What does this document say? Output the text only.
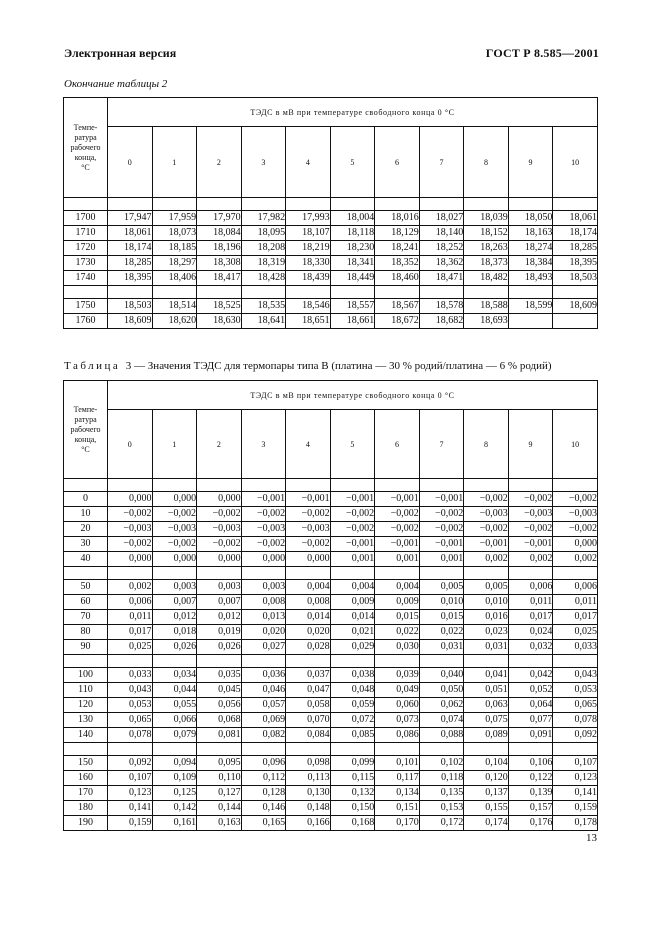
Электронная версия	ГОСТ Р 8.585—2001
Окончание таблицы 2
Темпе-
ратура
рабочего
конца,
°С	ТЭДС в мВ при температуре свободного конца 0 °С										
	0	1	2	3	4	5	6	7	8	9	10

1700	17,947	17,959	17,970	17,982	17,993	18,004	18,016	18,027	18,039	18,050	18,061
1710	18,061	18,073	18,084	18,095	18,107	18,118	18,129	18,140	18,152	18,163	18,174
1720	18,174	18,185	18,196	18,208	18,219	18,230	18,241	18,252	18,263	18,274	18,285
1730	18,285	18,297	18,308	18,319	18,330	18,341	18,352	18,362	18,373	18,384	18,395
1740	18,395	18,406	18,417	18,428	18,439	18,449	18,460	18,471	18,482	18,493	18,503

1750	18,503	18,514	18,525	18,535	18,546	18,557	18,567	18,578	18,588	18,599	18,609
1760	18,609	18,620	18,630	18,641	18,651	18,661	18,672	18,682	18,693		
Таблица 3 — Значения ТЭДС для термопары типа В (платина — 30 % родий/платина — 6 % родий)
Темпе-
ратура
рабочего
конца,
°С	ТЭДС в мВ при температуре свободного конца 0 °С										
	0	1	2	3	4	5	6	7	8	9	10

0	0,000	0,000	0,000	−0,001	−0,001	−0,001	−0,001	−0,001	−0,002	−0,002	−0,002
10	−0,002	−0,002	−0,002	−0,002	−0,002	−0,002	−0,002	−0,002	−0,003	−0,003	−0,003
20	−0,003	−0,003	−0,003	−0,003	−0,003	−0,002	−0,002	−0,002	−0,002	−0,002	−0,002
30	−0,002	−0,002	−0,002	−0,002	−0,002	−0,001	−0,001	−0,001	−0,001	−0,001	0,000
40	0,000	0,000	0,000	0,000	0,000	0,001	0,001	0,001	0,002	0,002	0,002

50	0,002	0,003	0,003	0,003	0,004	0,004	0,004	0,005	0,005	0,006	0,006
60	0,006	0,007	0,007	0,008	0,008	0,009	0,009	0,010	0,010	0,011	0,011
70	0,011	0,012	0,012	0,013	0,014	0,014	0,015	0,015	0,016	0,017	0,017
80	0,017	0,018	0,019	0,020	0,020	0,021	0,022	0,022	0,023	0,024	0,025
90	0,025	0,026	0,026	0,027	0,028	0,029	0,030	0,031	0,031	0,032	0,033

100	0,033	0,034	0,035	0,036	0,037	0,038	0,039	0,040	0,041	0,042	0,043
110	0,043	0,044	0,045	0,046	0,047	0,048	0,049	0,050	0,051	0,052	0,053
120	0,053	0,055	0,056	0,057	0,058	0,059	0,060	0,062	0,063	0,064	0,065
130	0,065	0,066	0,068	0,069	0,070	0,072	0,073	0,074	0,075	0,077	0,078
140	0,078	0,079	0,081	0,082	0,084	0,085	0,086	0,088	0,089	0,091	0,092

150	0,092	0,094	0,095	0,096	0,098	0,099	0,101	0,102	0,104	0,106	0,107
160	0,107	0,109	0,110	0,112	0,113	0,115	0,117	0,118	0,120	0,122	0,123
170	0,123	0,125	0,127	0,128	0,130	0,132	0,134	0,135	0,137	0,139	0,141
180	0,141	0,142	0,144	0,146	0,148	0,150	0,151	0,153	0,155	0,157	0,159
190	0,159	0,161	0,163	0,165	0,166	0,168	0,170	0,172	0,174	0,176	0,178
13
